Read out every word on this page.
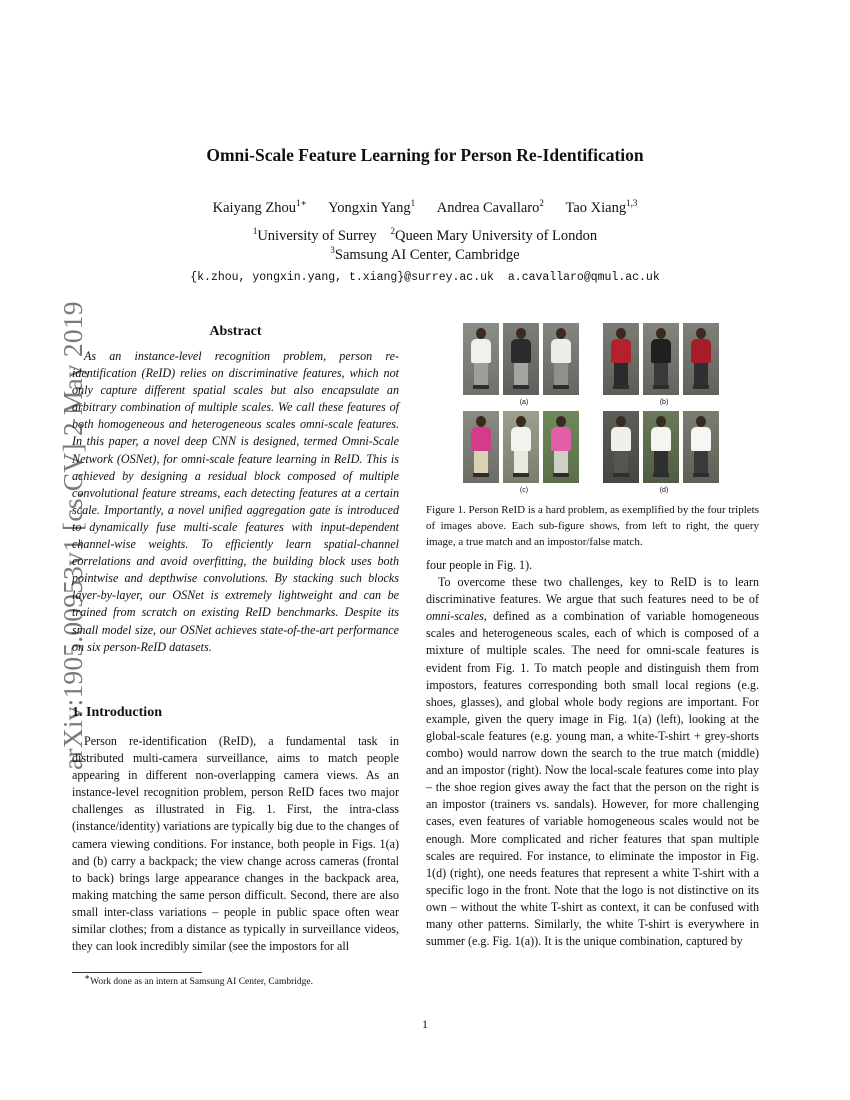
arXiv:1905.00953v1 [cs.CV] 2 May 2019
Omni-Scale Feature Learning for Person Re-Identification
Kaiyang Zhou$^{1∗}$ Yongxin Yang$^1$ Andrea Cavallaro$^2$ Tao Xiang$^{1,3}$
$^1$University of Surrey $^2$Queen Mary University of London
$^3$Samsung AI Center, Cambridge
{k.zhou, yongxin.yang, t.xiang}@surrey.ac.uk a.cavallaro@qmul.ac.uk
Abstract

As an instance-level recognition problem, person re-identification (ReID) relies on discriminative features, which not only capture different spatial scales but also encapsulate an arbitrary combination of multiple scales. We call these features of both homogeneous and heterogeneous scales omni-scale features. In this paper, a novel deep CNN is designed, termed Omni-Scale Network (OSNet), for omni-scale feature learning in ReID. This is achieved by designing a residual block composed of multiple convolutional feature streams, each detecting features at a certain scale. Importantly, a novel unified aggregation gate is introduced to dynamically fuse multi-scale features with input-dependent channel-wise weights. To efficiently learn spatial-channel correlations and avoid overfitting, the building block uses both pointwise and depthwise convolutions. By stacking such blocks layer-by-layer, our OSNet is extremely lightweight and can be trained from scratch on existing ReID benchmarks. Despite its small model size, our OSNet achieves state-of-the-art performance on six person-ReID datasets.

1. Introduction

Person re-identification (ReID), a fundamental task in distributed multi-camera surveillance, aims to match people appearing in different non-overlapping camera views. As an instance-level recognition problem, person ReID faces two major challenges as illustrated in Fig. 1. First, the intra-class (instance/identity) variations are typically big due to the changes of camera viewing conditions. For instance, both people in Figs. 1(a) and (b) carry a backpack; the view change across cameras (frontal to back) brings large appearance changes in the backpack area, making matching the same person difficult. Second, there are also small inter-class variations – people in public space often wear similar clothes; from a distance as typically in surveillance videos, they can look incredibly similar (see the impostors for all

∗Work done as an intern at Samsung AI Center, Cambridge.
(a)	(b)
(c)	(d)
Figure 1. Person ReID is a hard problem, as exemplified by the four triplets of images above. Each sub-figure shows, from left to right, the query image, a true match and an impostor/false match.

four people in Fig. 1).

To overcome these two challenges, key to ReID is to learn discriminative features. We argue that such features need to be of omni-scales, defined as a combination of variable homogeneous scales and heterogeneous scales, each of which is composed of a mixture of multiple scales. The need for omni-scale features is evident from Fig. 1. To match people and distinguish them from impostors, features corresponding both small local regions (e.g. shoes, glasses), and global whole body regions are important. For example, given the query image in Fig. 1(a) (left), looking at the global-scale features (e.g. young man, a white-T-shirt + grey-shorts combo) would narrow down the search to the true match (middle) and an impostor (right). Now the local-scale features come into play – the shoe region gives away the fact that the person on the right is an impostor (trainers vs. sandals). However, for more challenging cases, even features of variable homogeneous scales would not be enough. More complicated and richer features that span multiple scales are required. For instance, to eliminate the impostor in Fig. 1(d) (right), one needs features that represent a white T-shirt with a specific logo in the front. Note that the logo is not distinctive on its own – without the white T-shirt as context, it can be confused with many other patterns. Similarly, the white T-shirt is everywhere in summer (e.g. Fig. 1(a)). It is the unique combination, captured by

1
